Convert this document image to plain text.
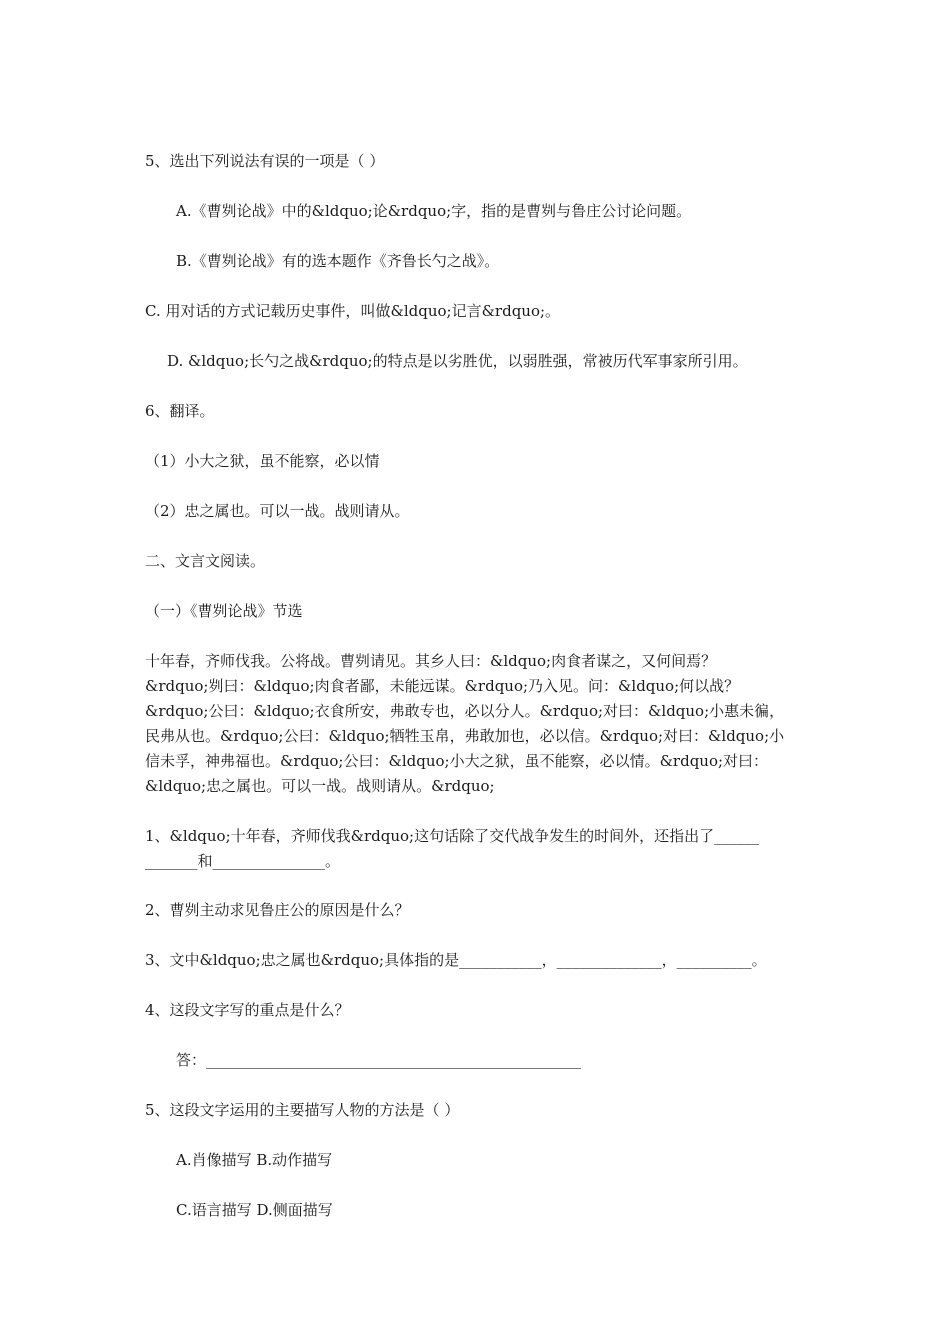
5、选出下列说法有误的一项是（ ）
A.《曹刿论战》中的&ldquo;论&rdquo;字，指的是曹刿与鲁庄公讨论问题。
B.《曹刿论战》有的选本题作《齐鲁长勺之战》。
C. 用对话的方式记载历史事件，叫做&ldquo;记言&rdquo;。
D. &ldquo;长勺之战&rdquo;的特点是以劣胜优，以弱胜强，常被历代军事家所引用。
6、翻译。
（1）小大之狱，虽不能察，必以情
（2）忠之属也。可以一战。战则请从。
二、文言文阅读。
（一）《曹刿论战》节选
十年春，齐师伐我。公将战。曹刿请见。其乡人曰：&ldquo;肉食者谋之，又何间焉？
&rdquo;刿曰：&ldquo;肉食者鄙，未能远谋。&rdquo;乃入见。问：&ldquo;何以战？
&rdquo;公曰：&ldquo;衣食所安，弗敢专也，必以分人。&rdquo;对曰：&ldquo;小惠未徧，
民弗从也。&rdquo;公曰：&ldquo;牺牲玉帛，弗敢加也，必以信。&rdquo;对曰：&ldquo;小
信未孚，神弗福也。&rdquo;公曰：&ldquo;小大之狱，虽不能察，必以情。&rdquo;对曰：
&ldquo;忠之属也。可以一战。战则请从。&rdquo;
1、&ldquo;十年春，齐师伐我&rdquo;这句话除了交代战争发生的时间外，还指出了______
_______和_______________。
2、曹刿主动求见鲁庄公的原因是什么？
3、文中&ldquo;忠之属也&rdquo;具体指的是___________，______________，__________。
4、这段文字写的重点是什么？
答：__________________________________________________
5、这段文字运用的主要描写人物的方法是（ ）
A.肖像描写 B.动作描写
C.语言描写 D.侧面描写
